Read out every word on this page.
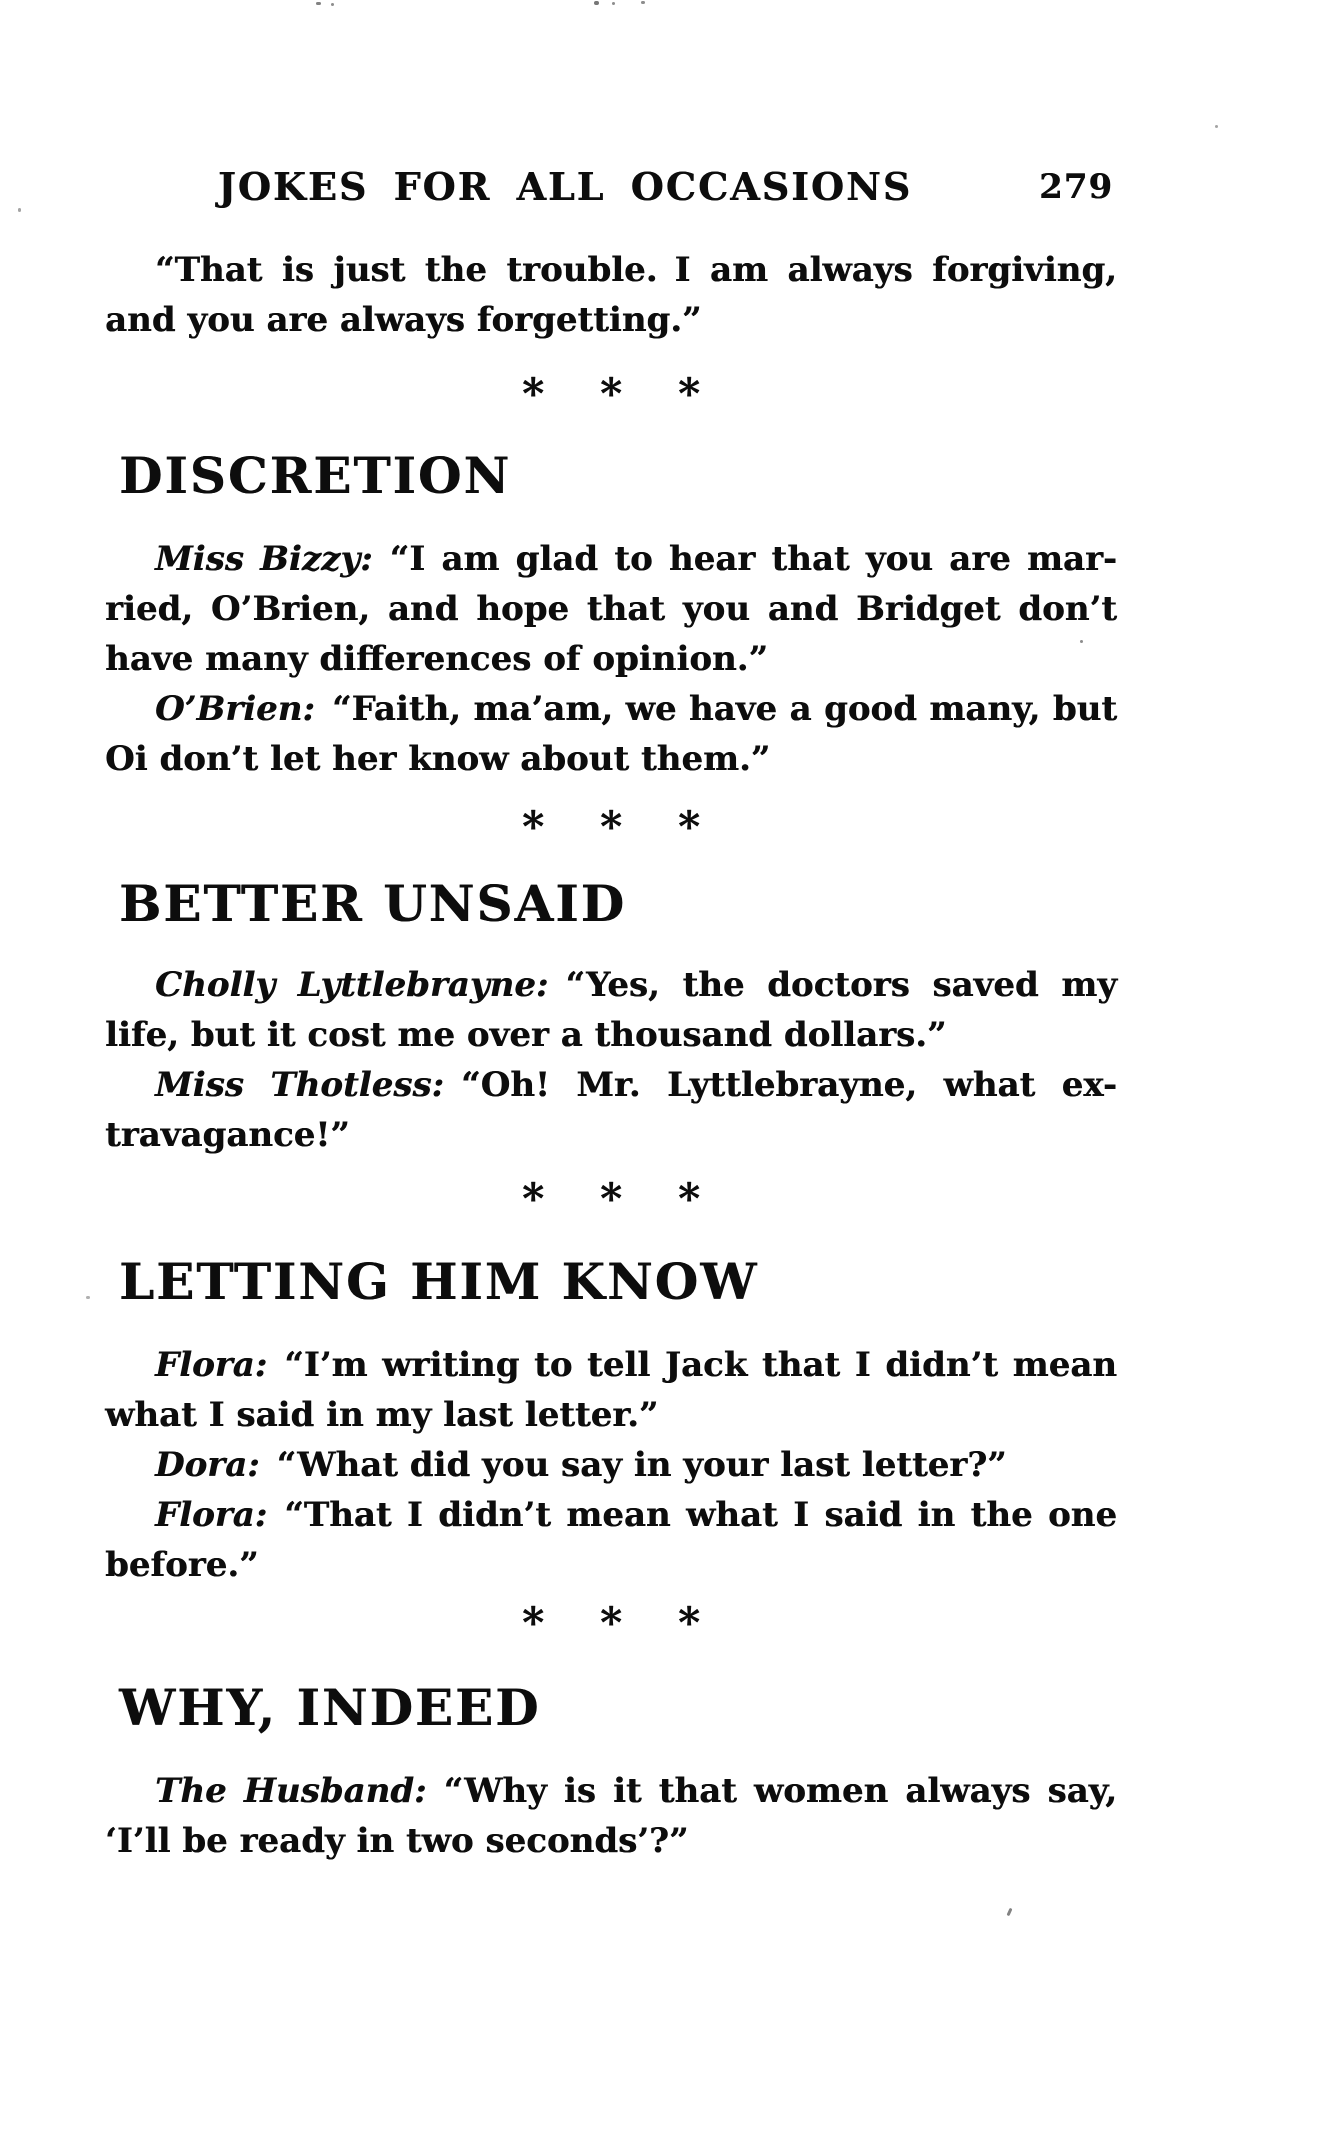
JOKES FOR ALL OCCASIONS	279
“That is just the trouble. I am always forgiving,
and you are always forgetting.”
* * *
DISCRETION
Miss Bizzy: “I am glad to hear that you are mar-
ried, O’Brien, and hope that you and Bridget don’t
have many differences of opinion.”
O’Brien: “Faith, ma’am, we have a good many, but
Oi don’t let her know about them.”
* * *
BETTER UNSAID
Cholly Lyttlebrayne: “Yes, the doctors saved my
life, but it cost me over a thousand dollars.”
Miss Thotless: “Oh! Mr. Lyttlebrayne, what ex-
travagance!”
* * *
LETTING HIM KNOW
Flora: “I’m writing to tell Jack that I didn’t mean
what I said in my last letter.”
Dora: “What did you say in your last letter?”
Flora: “That I didn’t mean what I said in the one
before.”
* * *
WHY, INDEED
The Husband: “Why is it that women always say,
‘I’ll be ready in two seconds’?”
